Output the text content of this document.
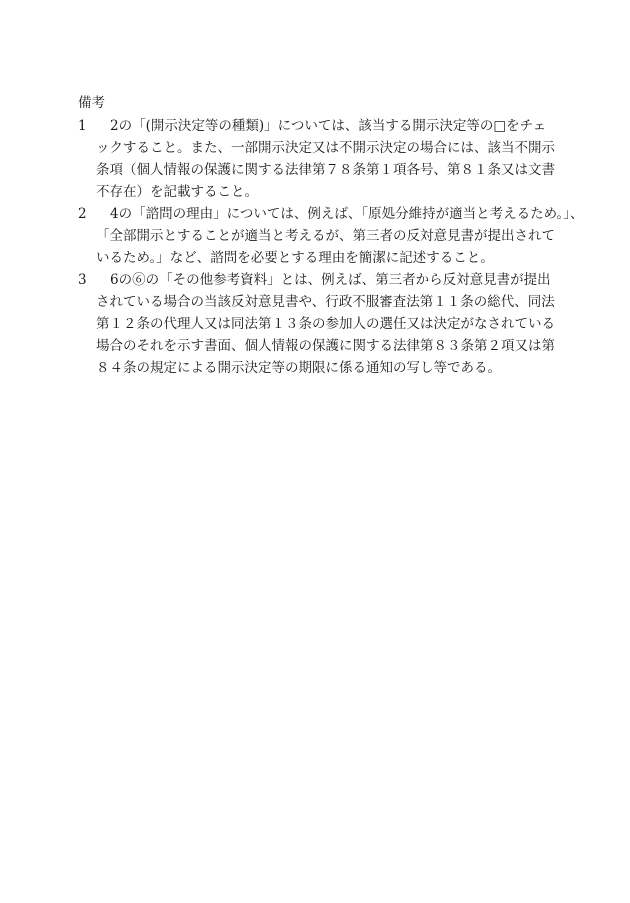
備考
1	2の「(開示決定等の種類)」については、該当する開示決定等の□をチェ
ックすること。また、一部開示決定又は不開示決定の場合には、該当不開示
条項（個人情報の保護に関する法律第７８条第１項各号、第８１条又は文書
不存在）を記載すること。
2	4の「諮問の理由」については、例えば、「原処分維持が適当と考えるため。」、
「全部開示とすることが適当と考えるが、第三者の反対意見書が提出されて
いるため。」など、諮問を必要とする理由を簡潔に記述すること。
3	6の⑥の「その他参考資料」とは、例えば、第三者から反対意見書が提出
されている場合の当該反対意見書や、行政不服審査法第１１条の総代、同法
第１２条の代理人又は同法第１３条の参加人の選任又は決定がなされている
場合のそれを示す書面、個人情報の保護に関する法律第８３条第２項又は第
８４条の規定による開示決定等の期限に係る通知の写し等である。
